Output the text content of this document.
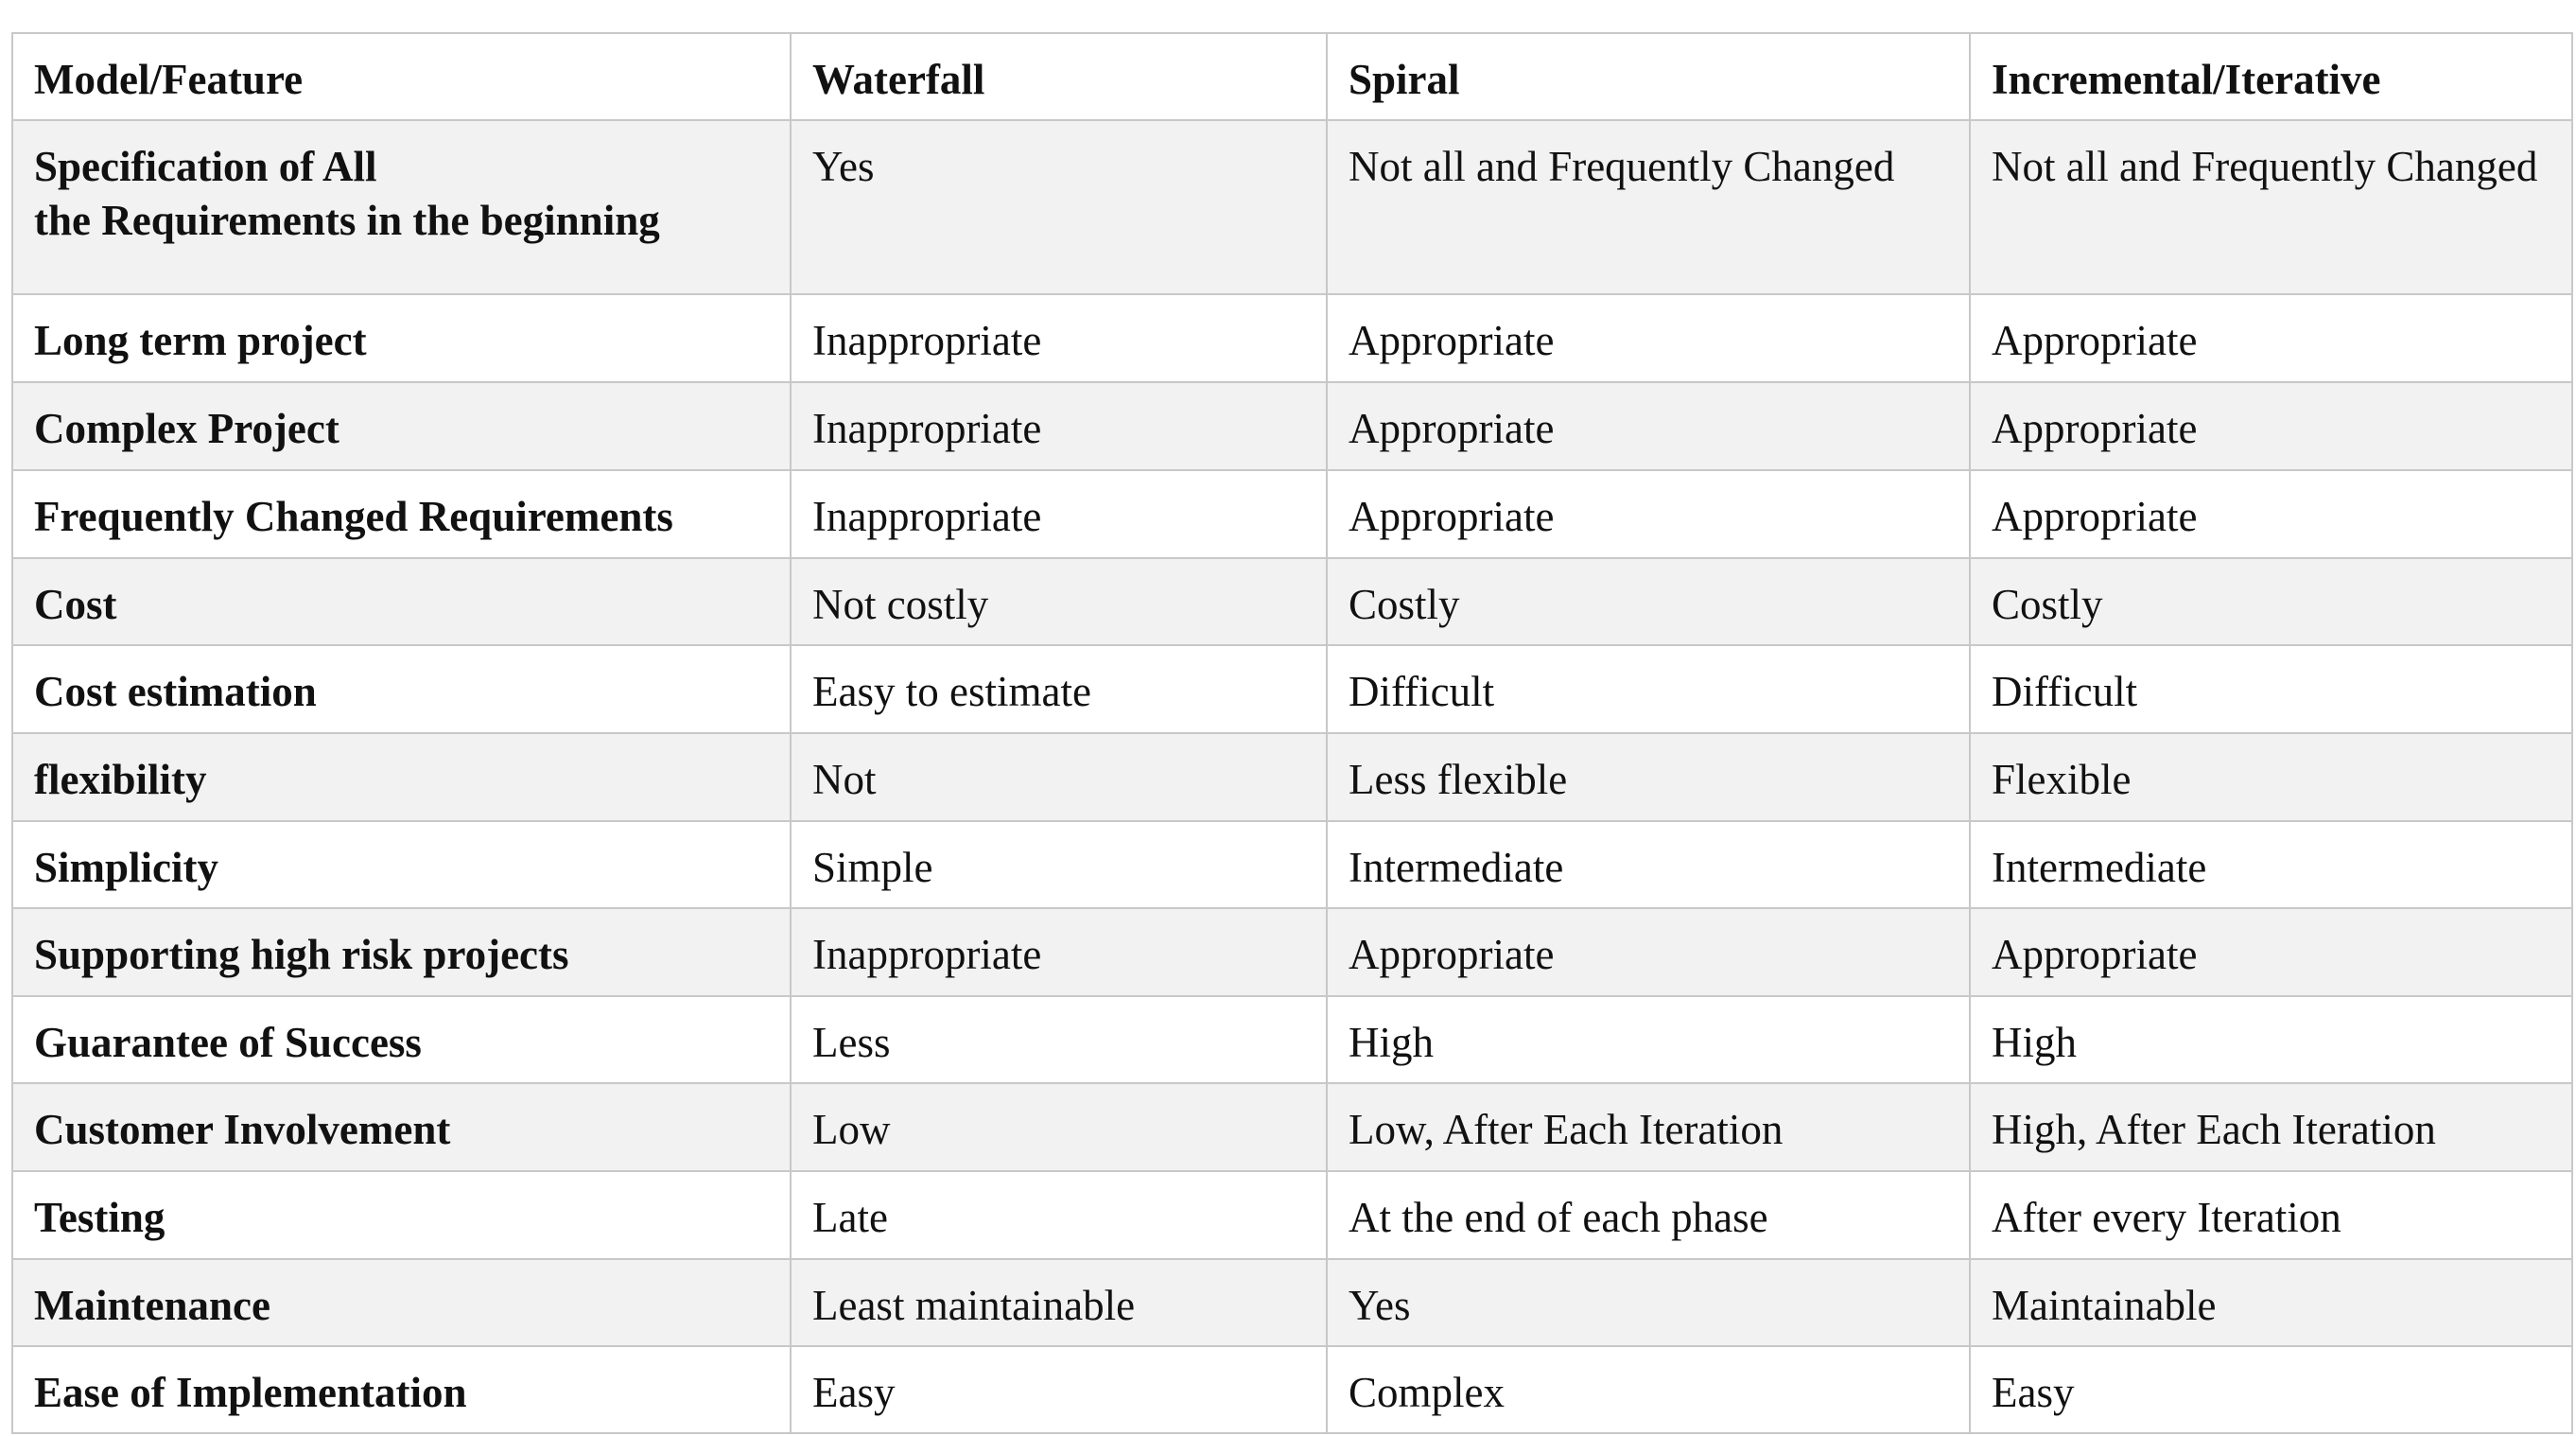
Model/Feature	Waterfall	Spiral	Incremental/Iterative
Specification of All
the Requirements in the beginning	Yes	Not all and Frequently Changed	Not all and Frequently Changed
Long term project	Inappropriate	Appropriate	Appropriate
Complex Project	Inappropriate	Appropriate	Appropriate
Frequently Changed Requirements	Inappropriate	Appropriate	Appropriate
Cost	Not costly	Costly	Costly
Cost estimation	Easy to estimate	Difficult	Difficult
flexibility	Not	Less flexible	Flexible
Simplicity	Simple	Intermediate	Intermediate
Supporting high risk projects	Inappropriate	Appropriate	Appropriate
Guarantee of Success	Less	High	High
Customer Involvement	Low	Low, After Each Iteration	High, After Each Iteration
Testing	Late	At the end of each phase	After every Iteration
Maintenance	Least maintainable	Yes	Maintainable
Ease of Implementation	Easy	Complex	Easy
